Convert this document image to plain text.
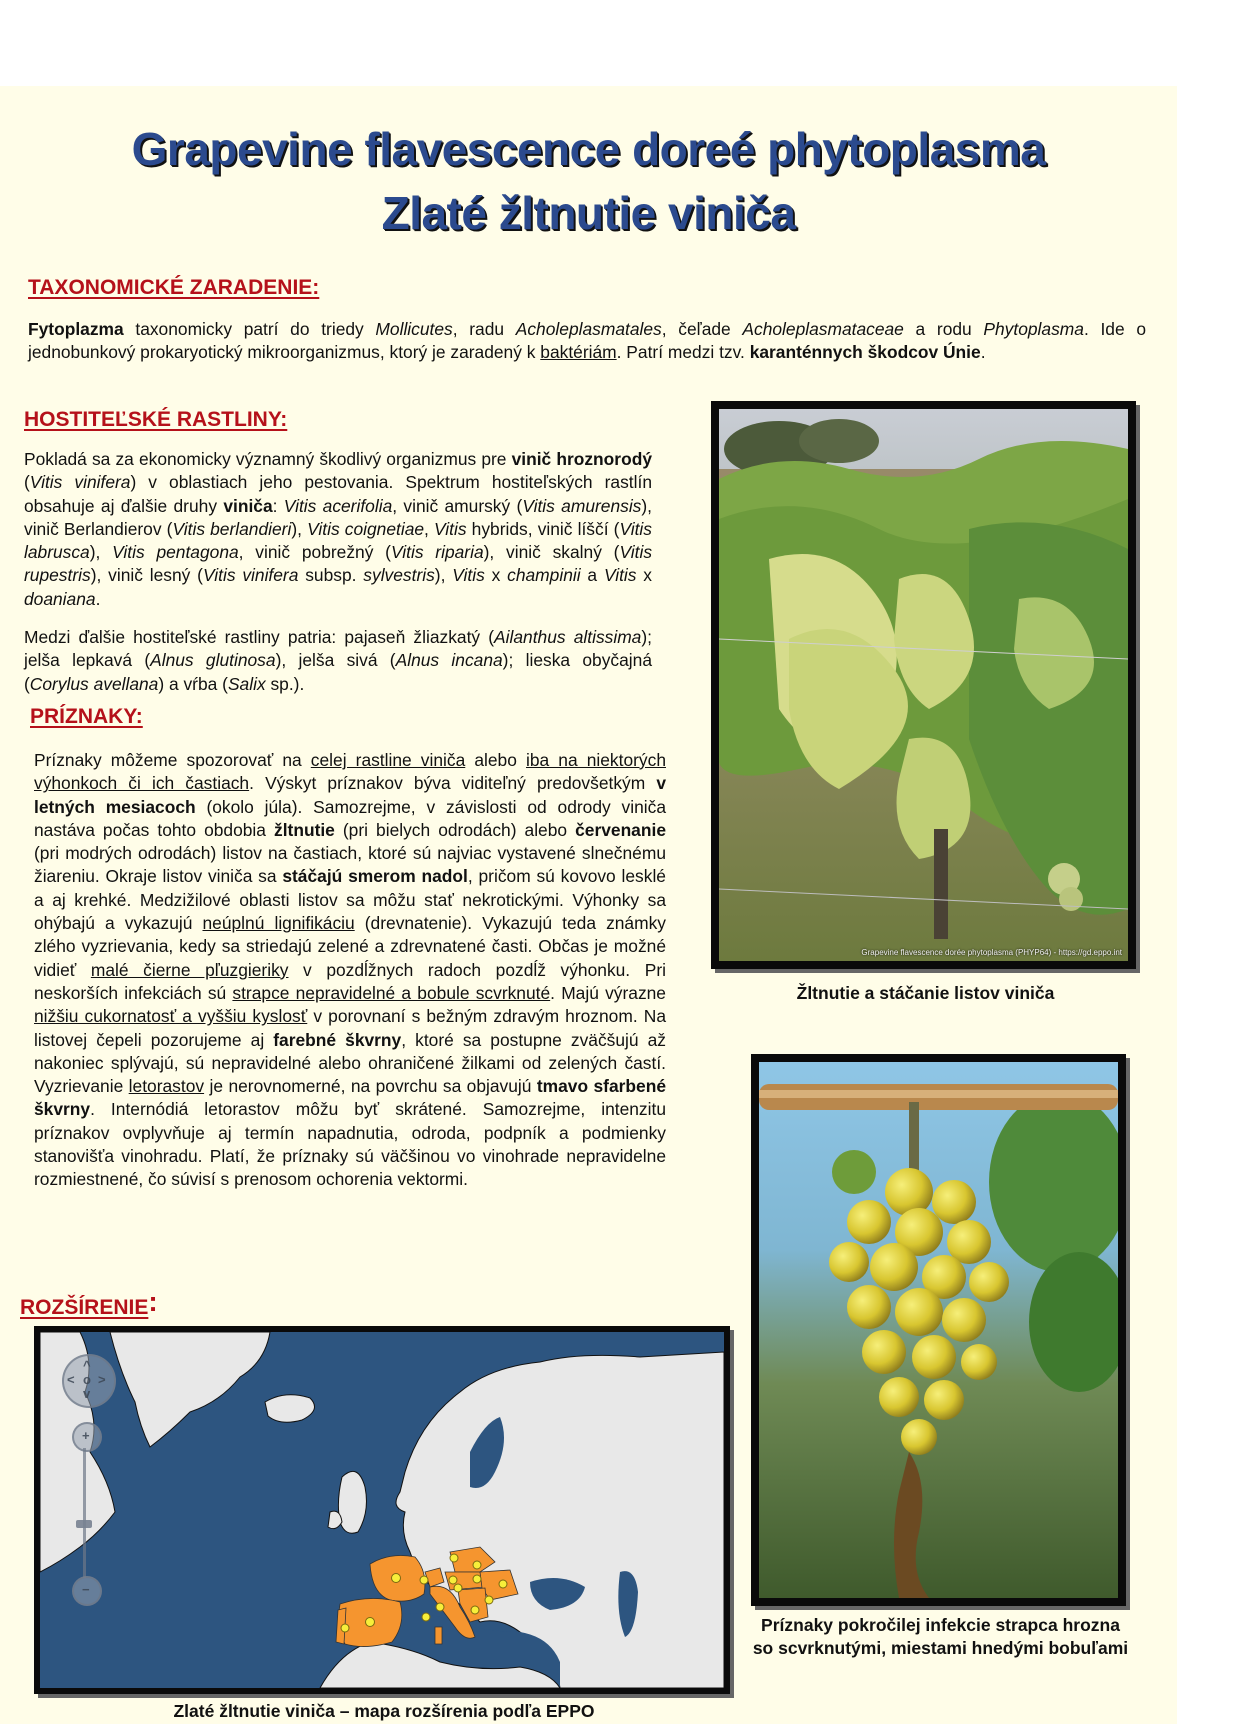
Grapevine flavescence doreé phytoplasma
Zlaté žltnutie viniča
TAXONOMICKÉ ZARADENIE:
Fytoplazma taxonomicky patrí do triedy Mollicutes, radu Acholeplasmatales, čeľade Acholeplasmataceae a rodu Phytoplasma. Ide o jednobunkový prokaryotický mikroorganizmus, ktorý je zaradený k baktériám. Patrí medzi tzv. karanténnych škodcov Únie.
HOSTITEĽSKÉ RASTLINY:
Pokladá sa za ekonomicky významný škodlivý organizmus pre vinič hroznorodý (Vitis vinifera) v oblastiach jeho pestovania. Spektrum hostiteľských rastlín obsahuje aj ďalšie druhy viniča: Vitis acerifolia, vinič amurský (Vitis amurensis), vinič Berlandierov (Vitis berlandieri), Vitis coignetiae, Vitis hybrids, vinič líščí (Vitis labrusca), Vitis pentagona, vinič pobrežný (Vitis riparia), vinič skalný (Vitis rupestris), vinič lesný (Vitis vinifera subsp. sylvestris), Vitis x champinii a Vitis x doaniana.
Medzi ďalšie hostiteľské rastliny patria: pajaseň žliazkatý (Ailanthus altissima); jelša lepkavá (Alnus glutinosa), jelša sivá (Alnus incana); lieska obyčajná (Corylus avellana) a vŕba (Salix sp.).
PRÍZNAKY:
Príznaky môžeme spozorovať na celej rastline viniča alebo iba na niektorých výhonkoch či ich častiach. Výskyt príznakov býva viditeľný predovšetkým v letných mesiacoch (okolo júla). Samozrejme, v závislosti od odrody viniča nastáva počas tohto obdobia žltnutie (pri bielych odrodách) alebo červenanie (pri modrých odrodách) listov na častiach, ktoré sú najviac vystavené slnečnému žiareniu. Okraje listov viniča sa stáčajú smerom nadol, pričom sú kovovo lesklé a aj krehké. Medzižilové oblasti listov sa môžu stať nekrotickými. Výhonky sa ohýbajú a vykazujú neúplnú lignifikáciu (drevnatenie). Vykazujú teda známky zlého vyzrievania, kedy sa striedajú zelené a zdrevnatené časti. Občas je možné vidieť malé čierne pľuzgieriky v pozdĺžnych radoch pozdĺž výhonku. Pri neskorších infekciách sú strapce nepravidelné a bobule scvrknuté. Majú výrazne nižšiu cukornatosť a vyššiu kyslosť v porovnaní s bežným zdravým hroznom. Na listovej čepeli pozorujeme aj farebné škvrny, ktoré sa postupne zväčšujú až nakoniec splývajú, sú nepravidelné alebo ohraničené žilkami od zelených častí. Vyzrievanie letorastov je nerovnomerné, na povrchu sa objavujú tmavo sfarbené škvrny. Internódiá letorastov môžu byť skrátené. Samozrejme, intenzitu príznakov ovplyvňuje aj termín napadnutia, odroda, podpník a podmienky stanovišťa vinohradu. Platí, že príznaky sú väčšinou vo vinohrade nepravidelne rozmiestnené, čo súvisí s prenosom ochorenia vektormi.
ROZŠÍRENIE:
Grapevine flavescence dorée phytoplasma (PHYP64) - https://gd.eppo.int
Žltnutie a stáčanie listov viniča
Príznaky pokročilej infekcie strapca hrozna so scvrknutými, miestami hnedými bobuľami
^
< o >
v
+
−
Zlaté žltnutie viniča – mapa rozšírenia podľa EPPO
